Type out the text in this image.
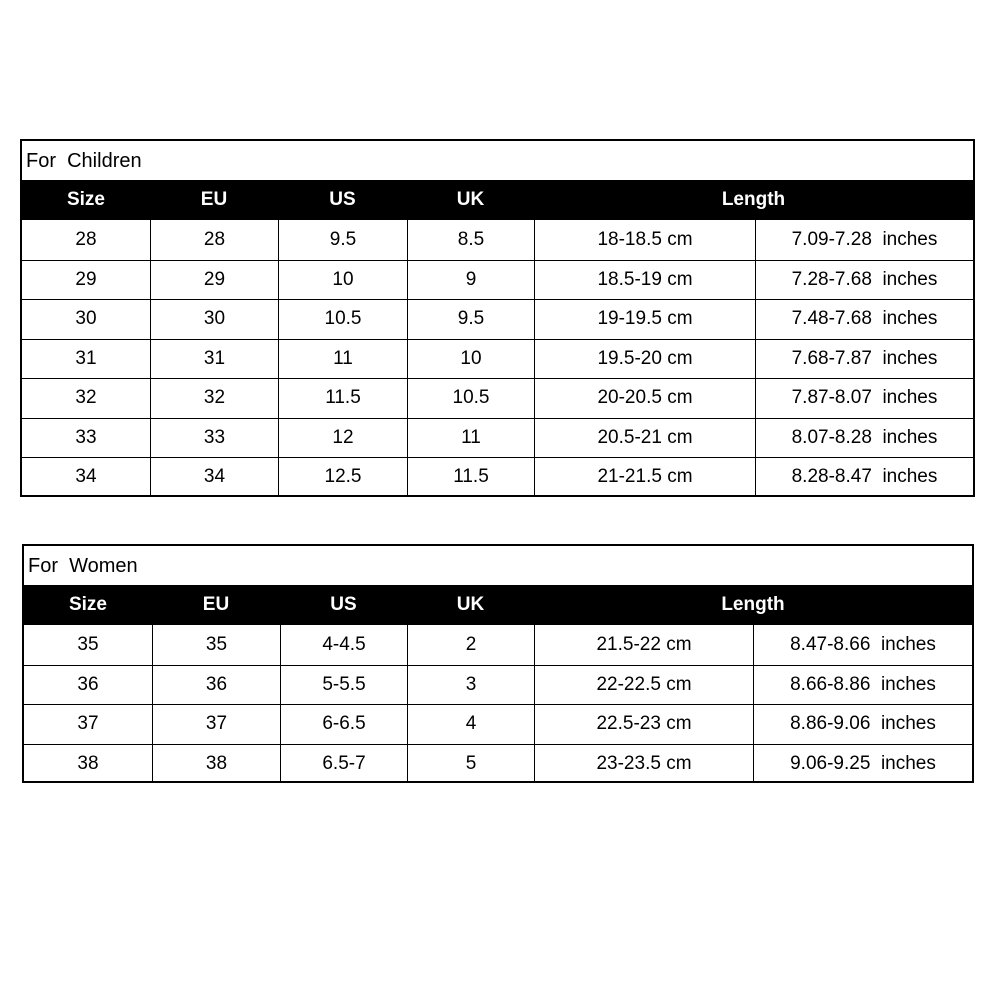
For  Children
Size	EU	US	UK	Length
28	28	9.5	8.5	18-18.5 cm	7.09-7.28  inches
29	29	10	9	18.5-19 cm	7.28-7.68  inches
30	30	10.5	9.5	19-19.5 cm	7.48-7.68  inches
31	31	11	10	19.5-20 cm	7.68-7.87  inches
32	32	11.5	10.5	20-20.5 cm	7.87-8.07  inches
33	33	12	11	20.5-21 cm	8.07-8.28  inches
34	34	12.5	11.5	21-21.5 cm	8.28-8.47  inches
For  Women
Size	EU	US	UK	Length
35	35	4-4.5	2	21.5-22 cm	8.47-8.66  inches
36	36	5-5.5	3	22-22.5 cm	8.66-8.86  inches
37	37	6-6.5	4	22.5-23 cm	8.86-9.06  inches
38	38	6.5-7	5	23-23.5 cm	9.06-9.25  inches
